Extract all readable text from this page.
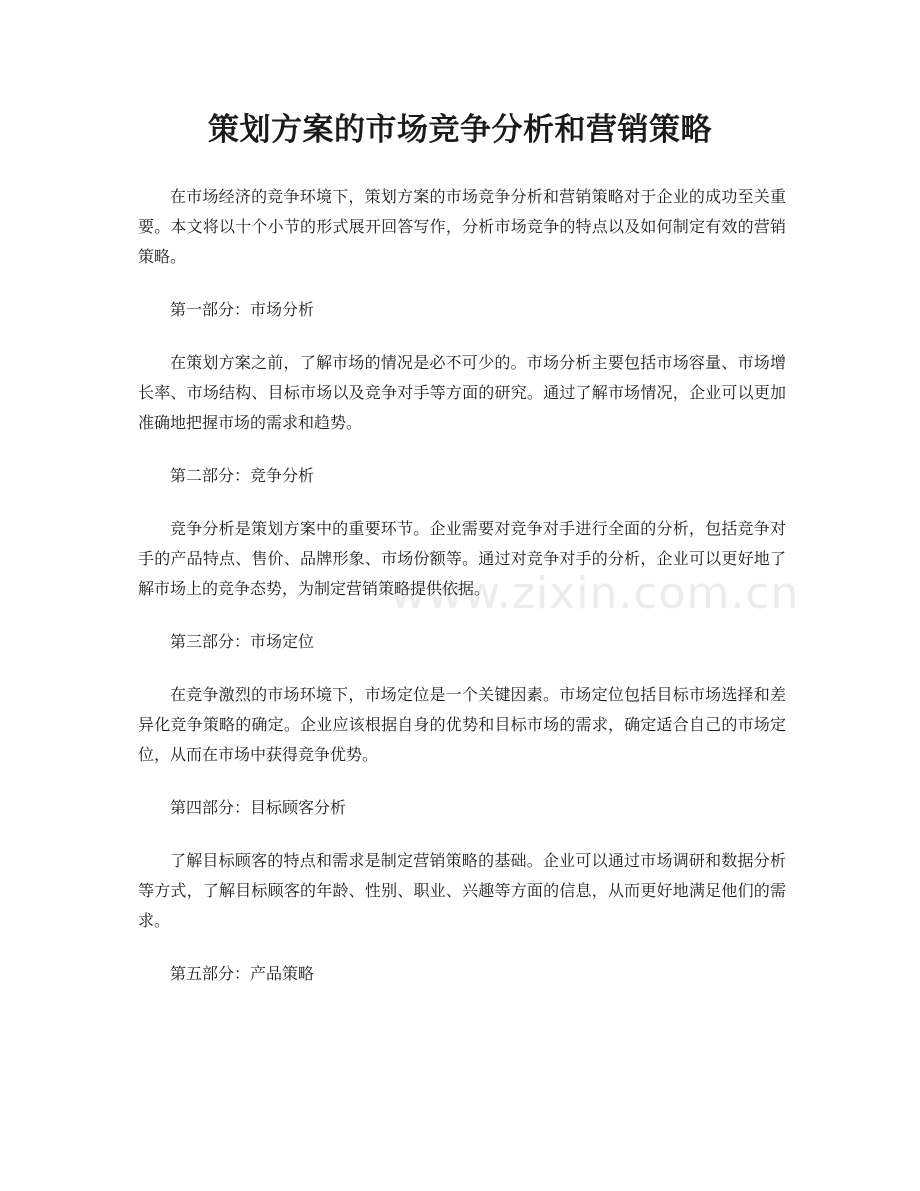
策划方案的市场竞争分析和营销策略
www.zixin.com.cn

在市场经济的竞争环境下，策划方案的市场竞争分析和营销策略对于企业的成功至关重要。本文将以十个小节的形式展开回答写作，分析市场竞争的特点以及如何制定有效的营销策略。

第一部分：市场分析

在策划方案之前，了解市场的情况是必不可少的。市场分析主要包括市场容量、市场增长率、市场结构、目标市场以及竞争对手等方面的研究。通过了解市场情况，企业可以更加准确地把握市场的需求和趋势。

第二部分：竞争分析

竞争分析是策划方案中的重要环节。企业需要对竞争对手进行全面的分析，包括竞争对手的产品特点、售价、品牌形象、市场份额等。通过对竞争对手的分析，企业可以更好地了解市场上的竞争态势，为制定营销策略提供依据。

第三部分：市场定位

在竞争激烈的市场环境下，市场定位是一个关键因素。市场定位包括目标市场选择和差异化竞争策略的确定。企业应该根据自身的优势和目标市场的需求，确定适合自己的市场定位，从而在市场中获得竞争优势。

第四部分：目标顾客分析

了解目标顾客的特点和需求是制定营销策略的基础。企业可以通过市场调研和数据分析等方式，了解目标顾客的年龄、性别、职业、兴趣等方面的信息，从而更好地满足他们的需求。

第五部分：产品策略
